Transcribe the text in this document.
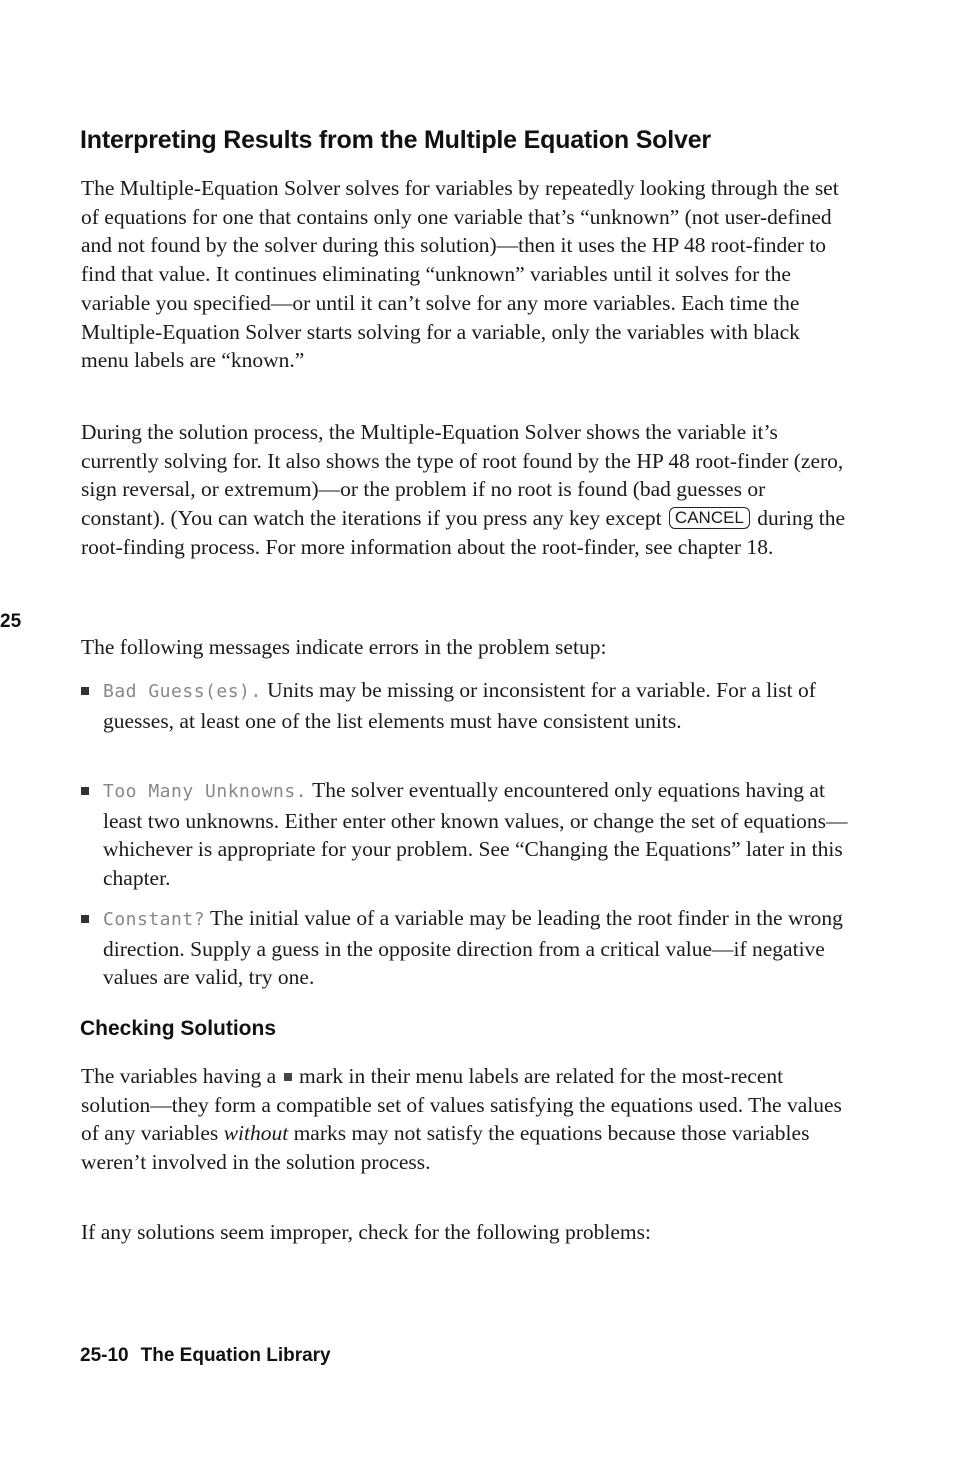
Interpreting Results from the Multiple Equation Solver

The Multiple-Equation Solver solves for variables by repeatedly looking through the set of equations for one that contains only one variable that’s “unknown” (not user-defined and not found by the solver during this solution)—then it uses the HP 48 root-finder to find that value. It continues eliminating “unknown” variables until it solves for the variable you specified—or until it can’t solve for any more variables. Each time the Multiple-Equation Solver starts solving for a variable, only the variables with black menu labels are “known.”

During the solution process, the Multiple-Equation Solver shows the variable it’s currently solving for. It also shows the type of root found by the HP 48 root-finder (zero, sign reversal, or extremum)—or the problem if no root is found (bad guesses or constant). (You can watch the iterations if you press any key except CANCEL during the root-finding process. For more information about the root-finder, see chapter 18.

25

The following messages indicate errors in the problem setup:

Bad Guess(es). Units may be missing or inconsistent for a variable. For a list of guesses, at least one of the list elements must have consistent units.
Too Many Unknowns. The solver eventually encountered only equations having at least two unknowns. Either enter other known values, or change the set of equations—whichever is appropriate for your problem. See “Changing the Equations” later in this chapter.
Constant? The initial value of a variable may be leading the root finder in the wrong direction. Supply a guess in the opposite direction from a critical value—if negative values are valid, try one.
Checking Solutions

The variables having a mark in their menu labels are related for the most-recent solution—they form a compatible set of values satisfying the equations used. The values of any variables without marks may not satisfy the equations because those variables weren’t involved in the solution process.

If any solutions seem improper, check for the following problems:

25-10 The Equation Library
